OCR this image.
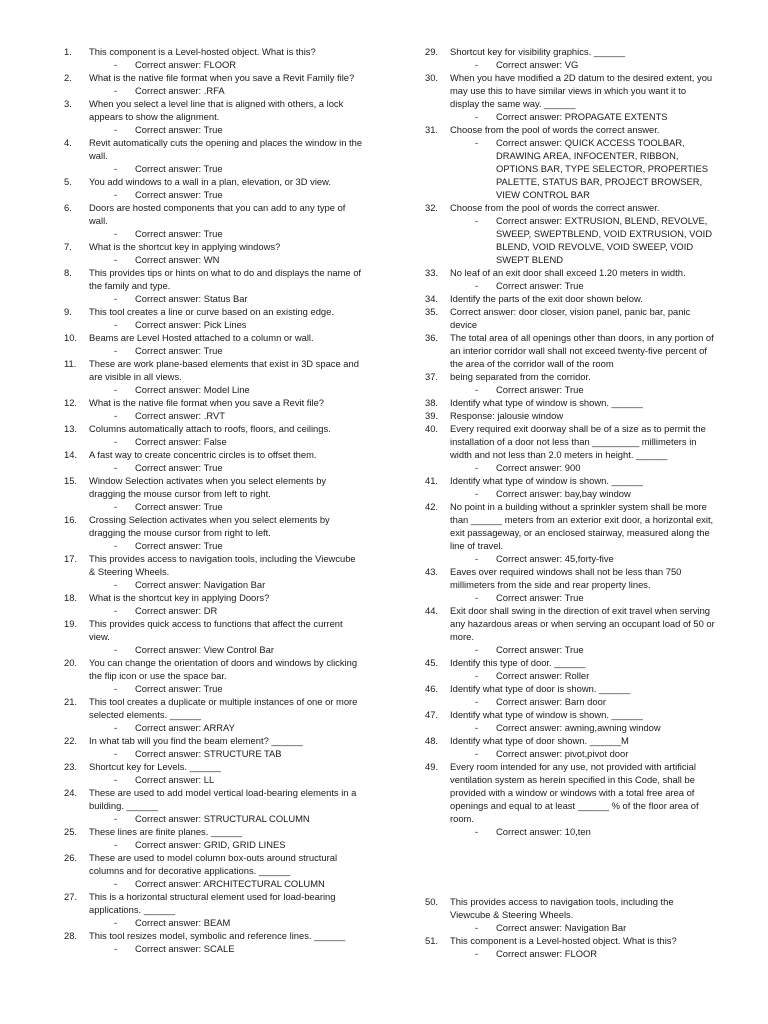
1. This component is a Level-hosted object. What is this?
- Correct answer: FLOOR
2. What is the native file format when you save a Revit Family file?
- Correct answer: .RFA
3. When you select a level line that is aligned with others, a lock appears to show the alignment.
- Correct answer: True
4. Revit automatically cuts the opening and places the window in the wall.
- Correct answer: True
5. You add windows to a wall in a plan, elevation, or 3D view.
- Correct answer: True
6. Doors are hosted components that you can add to any type of wall.
- Correct answer: True
7. What is the shortcut key in applying windows?
- Correct answer: WN
8. This provides tips or hints on what to do and displays the name of the family and type.
- Correct answer: Status Bar
9. This tool creates a line or curve based on an existing edge.
- Correct answer: Pick Lines
10. Beams are Level Hosted attached to a column or wall.
- Correct answer: True
11. These are work plane-based elements that exist in 3D space and are visible in all views.
- Correct answer: Model Line
12. What is the native file format when you save a Revit file?
- Correct answer: .RVT
13. Columns automatically attach to roofs, floors, and ceilings.
- Correct answer: False
14. A fast way to create concentric circles is to offset them.
- Correct answer: True
15. Window Selection activates when you select elements by dragging the mouse cursor from left to right.
- Correct answer: True
16. Crossing Selection activates when you select elements by dragging the mouse cursor from right to left.
- Correct answer: True
17. This provides access to navigation tools, including the Viewcube & Steering Wheels.
- Correct answer: Navigation Bar
18. What is the shortcut key in applying Doors?
- Correct answer: DR
19. This provides quick access to functions that affect the current view.
- Correct answer: View Control Bar
20. You can change the orientation of doors and windows by clicking the flip icon or use the space bar.
- Correct answer: True
21. This tool creates a duplicate or multiple instances of one or more selected elements. ______
- Correct answer: ARRAY
22. In what tab will you find the beam element? ______
- Correct answer: STRUCTURE TAB
23. Shortcut key for Levels. ______
- Correct answer: LL
24. These are used to add model vertical load-bearing elements in a building. ______
- Correct answer: STRUCTURAL COLUMN
25. These lines are finite planes. ______
- Correct answer: GRID, GRID LINES
26. These are used to model column box-outs around structural columns and for decorative applications. ______
- Correct answer: ARCHITECTURAL COLUMN
27. This is a horizontal structural element used for load-bearing applications. ______
- Correct answer: BEAM
28. This tool resizes model, symbolic and reference lines. ______
- Correct answer: SCALE
29. Shortcut key for visibility graphics. ______
- Correct answer: VG
30. When you have modified a 2D datum to the desired extent, you may use this to have similar views in which you want it to display the same way. ______
- Correct answer: PROPAGATE EXTENTS
31. Choose from the pool of words the correct answer.
- Correct answer: QUICK ACCESS TOOLBAR, DRAWING AREA, INFOCENTER, RIBBON, OPTIONS BAR, TYPE SELECTOR, PROPERTIES PALETTE, STATUS BAR, PROJECT BROWSER, VIEW CONTROL BAR
32. Choose from the pool of words the correct answer.
- Correct answer: EXTRUSION, BLEND, REVOLVE, SWEEP, SWEPTBLEND, VOID EXTRUSION, VOID BLEND, VOID REVOLVE, VOID SWEEP, VOID SWEPT BLEND
33. No leaf of an exit door shall exceed 1.20 meters in width.
- Correct answer: True
34. Identify the parts of the exit door shown below.
35. Correct answer: door closer, vision panel, panic bar, panic device
36. The total area of all openings other than doors, in any portion of an interior corridor wall shall not exceed twenty-five percent of the area of the corridor wall of the room
37. being separated from the corridor.
- Correct answer: True
38. Identify what type of window is shown. ______
39. Response: jalousie window
40. Every required exit doorway shall be of a size as to permit the installation of a door not less than _________ millimeters in width and not less than 2.0 meters in height. ______
- Correct answer: 900
41. Identify what type of window is shown. ______
- Correct answer: bay,bay window
42. No point in a building without a sprinkler system shall be more than ______ meters from an exterior exit door, a horizontal exit, exit passageway, or an enclosed stairway, measured along the line of travel.
- Correct answer: 45,forty-five
43. Eaves over required windows shall not be less than 750 millimeters from the side and rear property lines.
- Correct answer: True
44. Exit door shall swing in the direction of exit travel when serving any hazardous areas or when serving an occupant load of 50 or more.
- Correct answer: True
45. Identify this type of door. ______
- Correct answer: Roller
46. Identify what type of door is shown. ______
- Correct answer: Barn door
47. Identify what type of window is shown. ______
- Correct answer: awning,awning window
48. Identify what type of door shown. ______M
- Correct answer: pivot,pivot door
49. Every room intended for any use, not provided with artificial ventilation system as herein specified in this Code, shall be provided with a window or windows with a total free area of openings and equal to at least ______ % of the floor area of room.
- Correct answer: 10,ten
50. This provides access to navigation tools, including the Viewcube & Steering Wheels.
- Correct answer: Navigation Bar
51. This component is a Level-hosted object. What is this?
- Correct answer: FLOOR
